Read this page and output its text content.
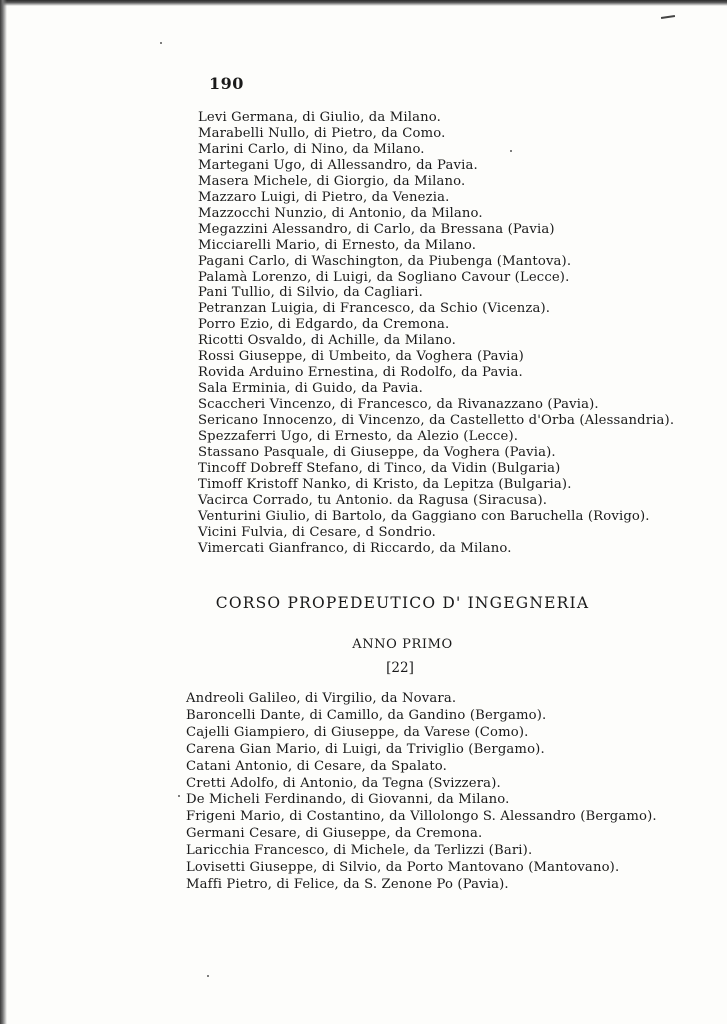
190
Levi Germana, di Giulio, da Milano.
Marabelli Nullo, di Pietro, da Como.
Marini Carlo, di Nino, da Milano.
Martegani Ugo, di Allessandro, da Pavia.
Masera Michele, di Giorgio, da Milano.
Mazzaro Luigi, di Pietro, da Venezia.
Mazzocchi Nunzio, di Antonio, da Milano.
Megazzini Alessandro, di Carlo, da Bressana (Pavia)
Micciarelli Mario, di Ernesto, da Milano.
Pagani Carlo, di Waschington, da Piubenga (Mantova).
Palamà Lorenzo, di Luigi, da Sogliano Cavour (Lecce).
Pani Tullio, di Silvio, da Cagliari.
Petranzan Luigia, di Francesco, da Schio (Vicenza).
Porro Ezio, di Edgardo, da Cremona.
Ricotti Osvaldo, di Achille, da Milano.
Rossi Giuseppe, di Umbeito, da Voghera (Pavia)
Rovida Arduino Ernestina, di Rodolfo, da Pavia.
Sala Erminia, di Guido, da Pavia.
Scaccheri Vincenzo, di Francesco, da Rivanazzano (Pavia).
Sericano Innocenzo, di Vincenzo, da Castelletto d'Orba (Alessandria).
Spezzaferri Ugo, di Ernesto, da Alezio (Lecce).
Stassano Pasquale, di Giuseppe, da Voghera (Pavia).
Tincoff Dobreff Stefano, di Tinco, da Vidin (Bulgaria)
Timoff Kristoff Nanko, di Kristo, da Lepitza (Bulgaria).
Vacirca Corrado, tu Antonio. da Ragusa (Siracusa).
Venturini Giulio, di Bartolo, da Gaggiano con Baruchella (Rovigo).
Vicini Fulvia, di Cesare, d Sondrio.
Vimercati Gianfranco, di Riccardo, da Milano.
CORSO PROPEDEUTICO D' INGEGNERIA
ANNO PRIMO
[22]
Andreoli Galileo, di Virgilio, da Novara.
Baroncelli Dante, di Camillo, da Gandino (Bergamo).
Cajelli Giampiero, di Giuseppe, da Varese (Como).
Carena Gian Mario, di Luigi, da Triviglio (Bergamo).
Catani Antonio, di Cesare, da Spalato.
Cretti Adolfo, di Antonio, da Tegna (Svizzera).
De Micheli Ferdinando, di Giovanni, da Milano.
Frigeni Mario, di Costantino, da Villolongo S. Alessandro (Bergamo).
Germani Cesare, di Giuseppe, da Cremona.
Laricchia Francesco, di Michele, da Terlizzi (Bari).
Lovisetti Giuseppe, di Silvio, da Porto Mantovano (Mantovano).
Maffi Pietro, di Felice, da S. Zenone Po (Pavia).
